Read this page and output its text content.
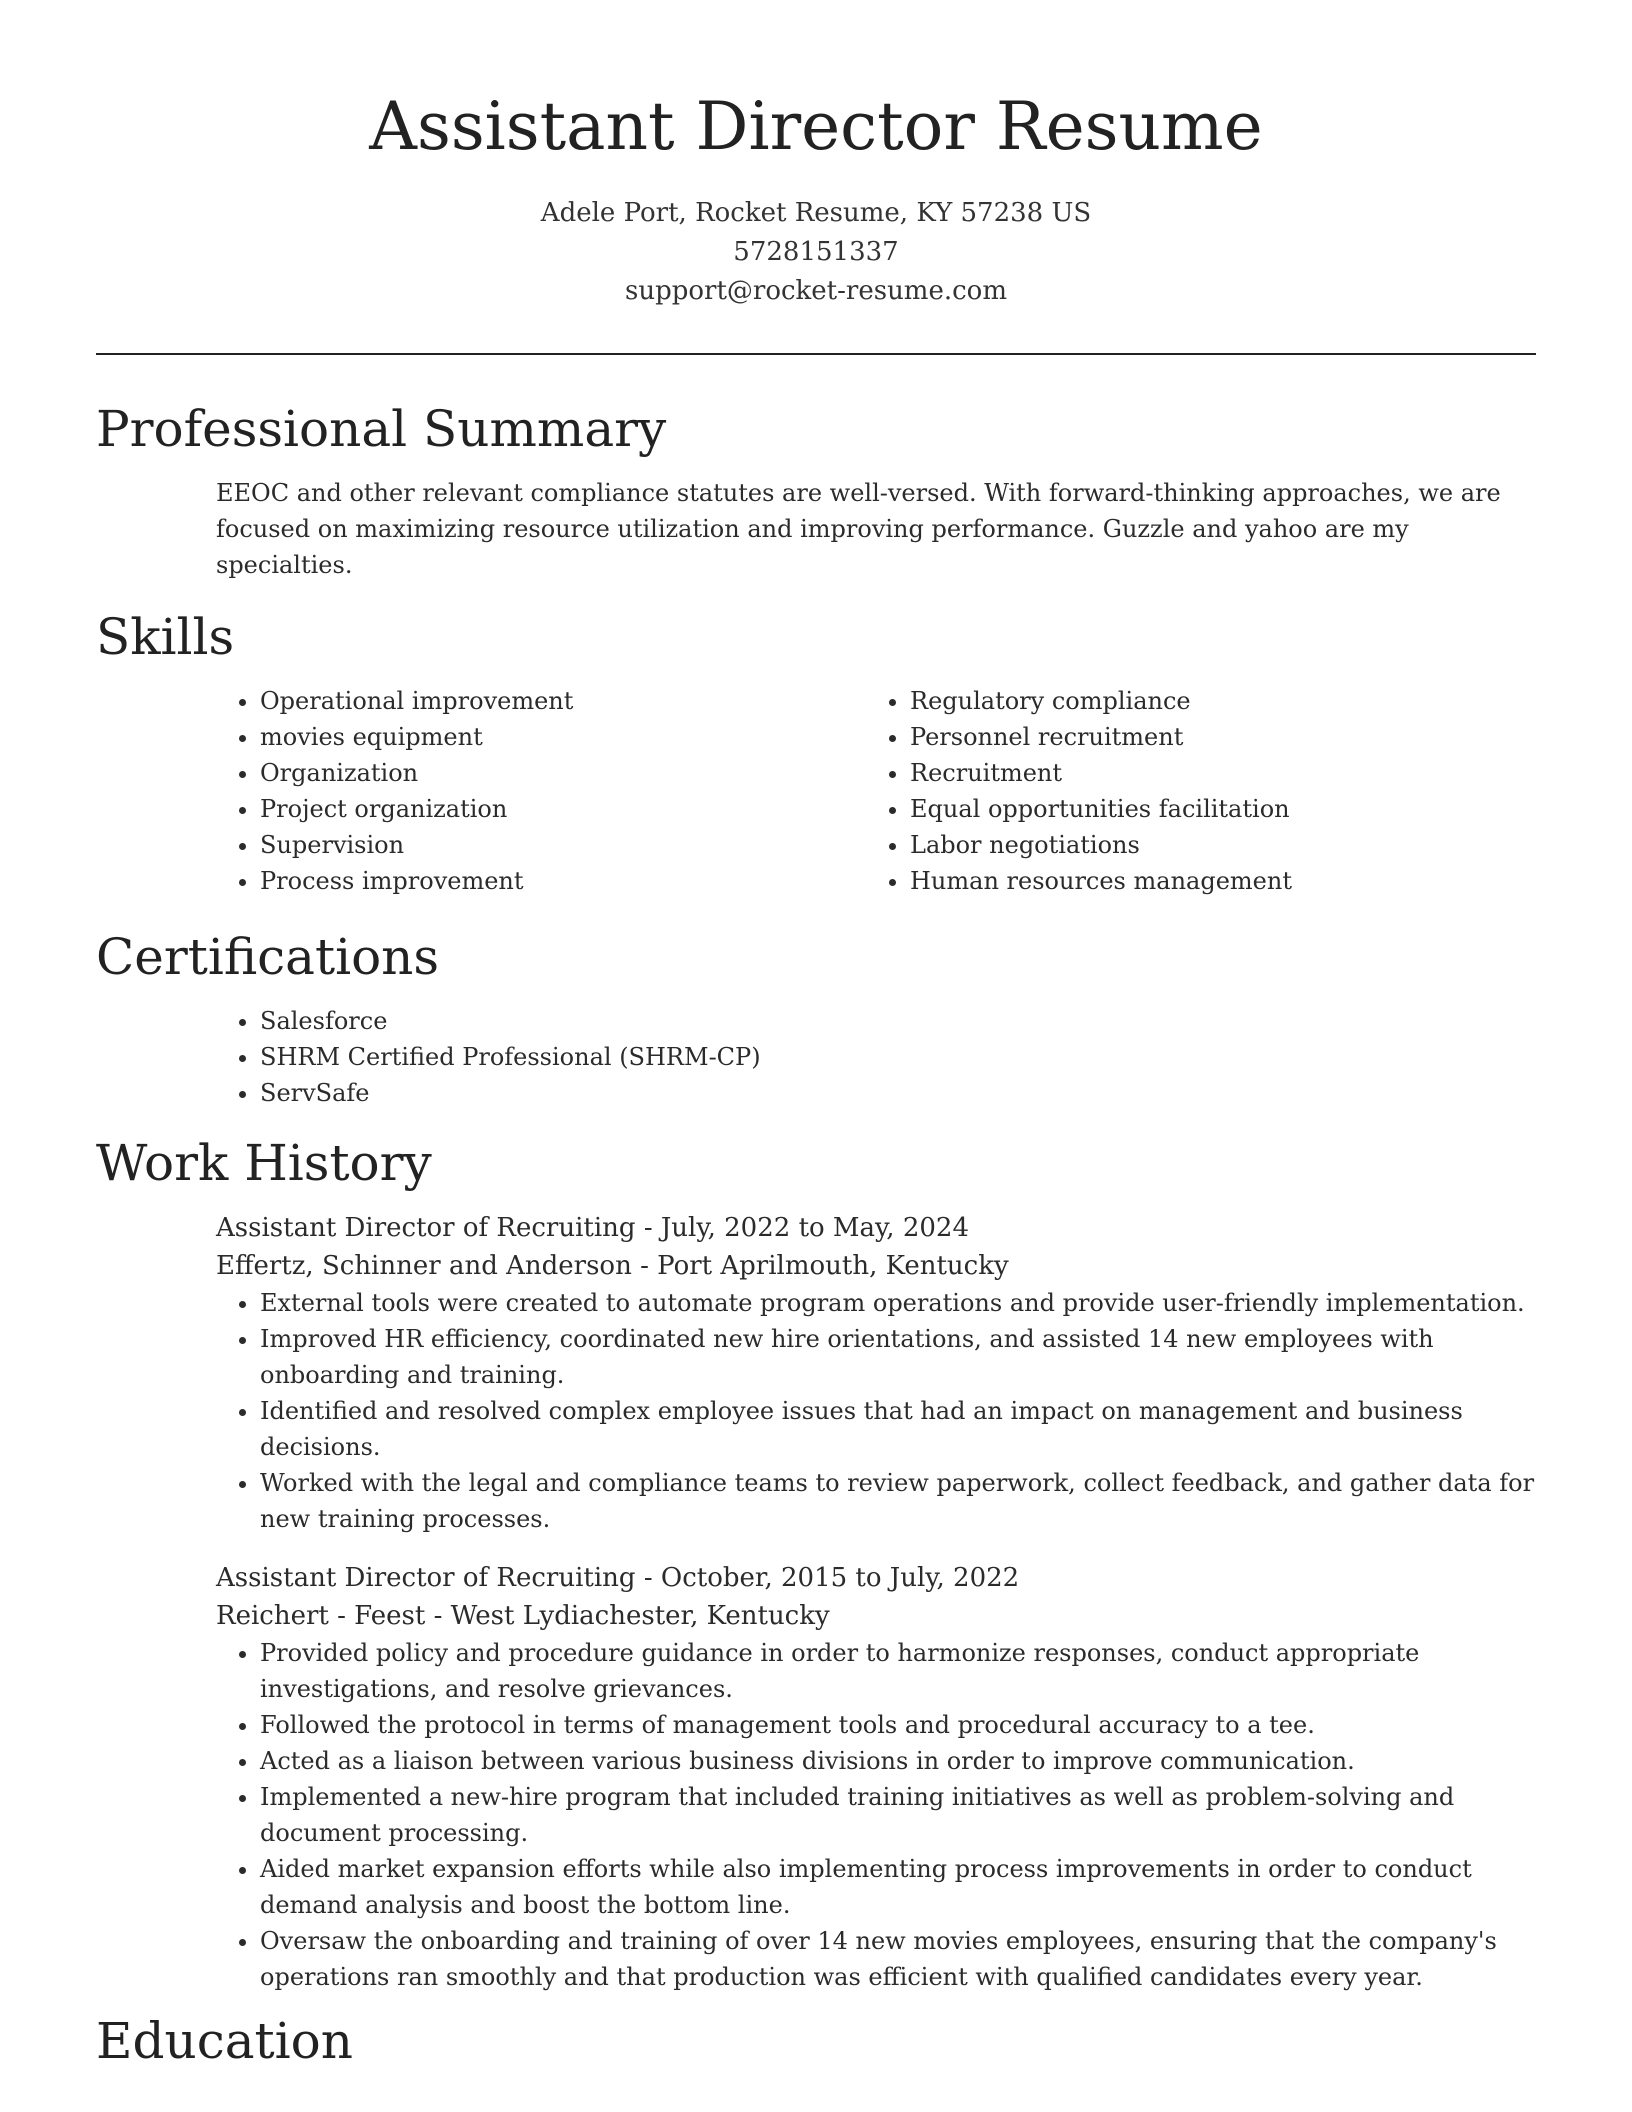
Assistant Director Resume
Adele Port, Rocket Resume, KY 57238 US
5728151337
support@rocket-resume.com
Professional Summary

EEOC and other relevant compliance statutes are well-versed. With forward-thinking approaches, we are focused on maximizing resource utilization and improving performance. Guzzle and yahoo are my specialties.

Skills
• Operational improvement
• movies equipment
• Organization
• Project organization
• Supervision
• Process improvement
• Regulatory compliance
• Personnel recruitment
• Recruitment
• Equal opportunities facilitation
• Labor negotiations
• Human resources management
Certifications
• Salesforce
• SHRM Certified Professional (SHRM-CP)
• ServSafe
Work History
Assistant Director of Recruiting - July, 2022 to May, 2024
Effertz, Schinner and Anderson - Port Aprilmouth, Kentucky
• External tools were created to automate program operations and provide user-friendly implementation.
• Improved HR efficiency, coordinated new hire orientations, and assisted 14 new employees with onboarding and training.
• Identified and resolved complex employee issues that had an impact on management and business decisions.
• Worked with the legal and compliance teams to review paperwork, collect feedback, and gather data for new training processes.
Assistant Director of Recruiting - October, 2015 to July, 2022
Reichert - Feest - West Lydiachester, Kentucky
• Provided policy and procedure guidance in order to harmonize responses, conduct appropriate investigations, and resolve grievances.
• Followed the protocol in terms of management tools and procedural accuracy to a tee.
• Acted as a liaison between various business divisions in order to improve communication.
• Implemented a new-hire program that included training initiatives as well as problem-solving and document processing.
• Aided market expansion efforts while also implementing process improvements in order to conduct demand analysis and boost the bottom line.
• Oversaw the onboarding and training of over 14 new movies employees, ensuring that the company's operations ran smoothly and that production was efficient with qualified candidates every year.
Education
